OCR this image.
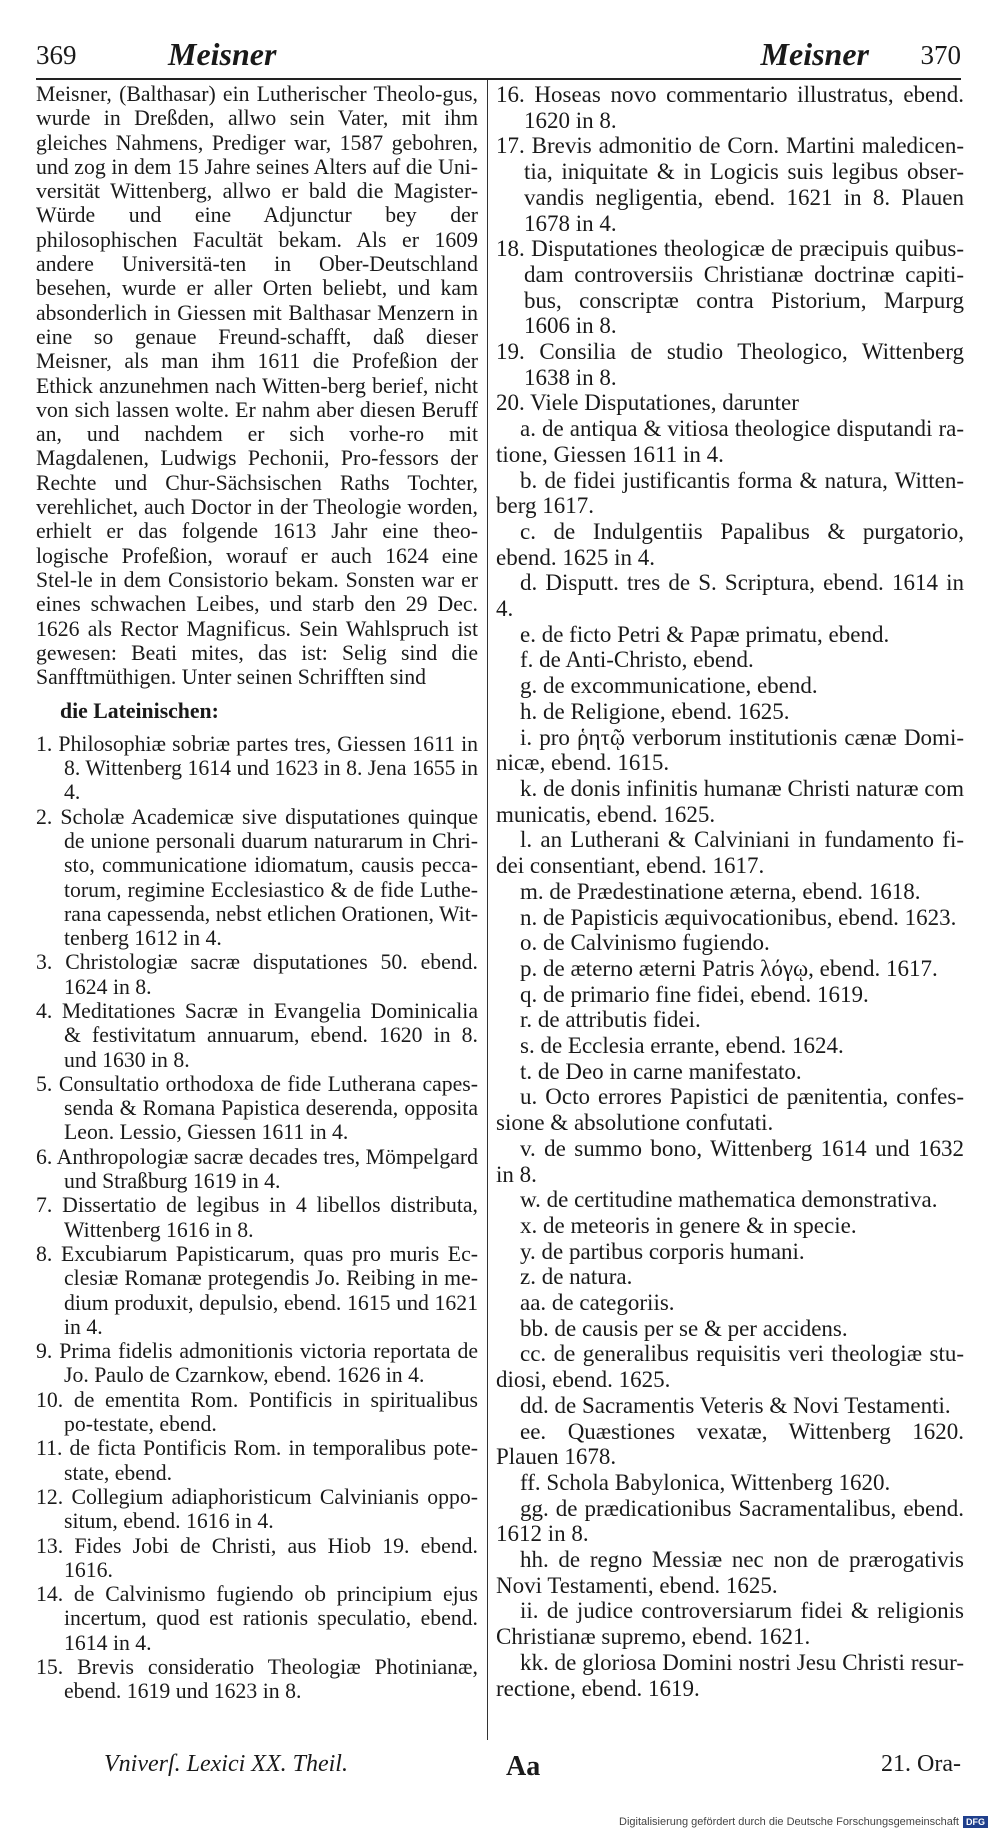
369	Meisner	Meisner 370

Meisner, (Balthasar) ein Lutherischer Theolo-gus, wurde in Dreßden, allwo sein Vater, mit ihm gleiches Nahmens, Prediger war, 1587 gebohren, und zog in dem 15 Jahre seines Alters auf die Uni-versität Wittenberg, allwo er bald die Magister-Würde und eine Adjunctur bey der philosophischen Facultät bekam. Als er 1609 andere Universitä-ten in Ober-Deutschland besehen, wurde er aller Orten beliebt, und kam absonderlich in Giessen mit Balthasar Menzern in eine so genaue Freund-schafft, daß dieser Meisner, als man ihm 1611 die Profeßion der Ethick anzunehmen nach Witten-berg berief, nicht von sich lassen wolte. Er nahm aber diesen Beruff an, und nachdem er sich vorhe-ro mit Magdalenen, Ludwigs Pechonii, Pro-fessors der Rechte und Chur-Sächsischen Raths Tochter, verehlichet, auch Doctor in der Theologie worden, erhielt er das folgende 1613 Jahr eine theo-logische Profeßion, worauf er auch 1624 eine Stel-le in dem Consistorio bekam. Sonsten war er eines schwachen Leibes, und starb den 29 Dec. 1626 als Rector Magnificus. Sein Wahlspruch ist gewesen: Beati mites, das ist: Selig sind die Sanfftmüthigen. Unter seinen Schrifften sind

die Lateinischen:

1. Philosophiæ sobriæ partes tres, Giessen 1611 in 8. Wittenberg 1614 und 1623 in 8. Jena 1655 in 4.

2. Scholæ Academicæ sive disputationes quinque de unione personali duarum naturarum in Chri-sto, communicatione idiomatum, causis pecca-torum, regimine Ecclesiastico & de fide Luthe-rana capessenda, nebst etlichen Orationen, Wit-tenberg 1612 in 4.

3. Christologiæ sacræ disputationes 50. ebend. 1624 in 8.

4. Meditationes Sacræ in Evangelia Dominicalia & festivitatum annuarum, ebend. 1620 in 8. und 1630 in 8.

5. Consultatio orthodoxa de fide Lutherana capes-senda & Romana Papistica deserenda, opposita Leon. Lessio, Giessen 1611 in 4.

6. Anthropologiæ sacræ decades tres, Mömpelgard und Straßburg 1619 in 4.

7. Dissertatio de legibus in 4 libellos distributa, Wittenberg 1616 in 8.

8. Excubiarum Papisticarum, quas pro muris Ec-clesiæ Romanæ protegendis Jo. Reibing in me-dium produxit, depulsio, ebend. 1615 und 1621 in 4.

9. Prima fidelis admonitionis victoria reportata de Jo. Paulo de Czarnkow, ebend. 1626 in 4.

10. de ementita Rom. Pontificis in spiritualibus po-testate, ebend.

11. de ficta Pontificis Rom. in temporalibus pote-state, ebend.

12. Collegium adiaphoristicum Calvinianis oppo-situm, ebend. 1616 in 4.

13. Fides Jobi de Christi, aus Hiob 19. ebend. 1616.

14. de Calvinismo fugiendo ob principium ejus incertum, quod est rationis speculatio, ebend. 1614 in 4.

15. Brevis consideratio Theologiæ Photinianæ, ebend. 1619 und 1623 in 8.

16. Hoseas novo commentario illustratus, ebend. 1620 in 8.

17. Brevis admonitio de Corn. Martini maledicen-tia, iniquitate & in Logicis suis legibus obser-vandis negligentia, ebend. 1621 in 8. Plauen 1678 in 4.

18. Disputationes theologicæ de præcipuis quibus-dam controversiis Christianæ doctrinæ capiti-bus, conscriptæ contra Pistorium, Marpurg 1606 in 8.

19. Consilia de studio Theologico, Wittenberg 1638 in 8.

20. Viele Disputationes, darunter

a. de antiqua & vitiosa theologice disputandi ra-tione, Giessen 1611 in 4.

b. de fidei justificantis forma & natura, Witten-berg 1617.

c. de Indulgentiis Papalibus & purgatorio, ebend. 1625 in 4.

d. Disputt. tres de S. Scriptura, ebend. 1614 in 4.

e. de ficto Petri & Papæ primatu, ebend.

f. de Anti-Christo, ebend.

g. de excommunicatione, ebend.

h. de Religione, ebend. 1625.

i. pro ῥητῷ verborum institutionis cænæ Domi-nicæ, ebend. 1615.

k. de donis infinitis humanæ Christi naturæ com municatis, ebend. 1625.

l. an Lutherani & Calviniani in fundamento fi-dei consentiant, ebend. 1617.

m. de Prædestinatione æterna, ebend. 1618.

n. de Papisticis æquivocationibus, ebend. 1623.

o. de Calvinismo fugiendo.

p. de æterno æterni Patris λόγῳ, ebend. 1617.

q. de primario fine fidei, ebend. 1619.

r. de attributis fidei.

s. de Ecclesia errante, ebend. 1624.

t. de Deo in carne manifestato.

u. Octo errores Papistici de pænitentia, confes-sione & absolutione confutati.

v. de summo bono, Wittenberg 1614 und 1632 in 8.

w. de certitudine mathematica demonstrativa.

x. de meteoris in genere & in specie.

y. de partibus corporis humani.

z. de natura.

aa. de categoriis.

bb. de causis per se & per accidens.

cc. de generalibus requisitis veri theologiæ stu-diosi, ebend. 1625.

dd. de Sacramentis Veteris & Novi Testamenti.

ee. Quæstiones vexatæ, Wittenberg 1620. Plauen 1678.

ff. Schola Babylonica, Wittenberg 1620.

gg. de prædicationibus Sacramentalibus, ebend. 1612 in 8.

hh. de regno Messiæ nec non de prærogativis Novi Testamenti, ebend. 1625.

ii. de judice controversiarum fidei & religionis Christianæ supremo, ebend. 1621.

kk. de gloriosa Domini nostri Jesu Christi resur-rectione, ebend. 1619.

Vniverſ. Lexici XX. Theil.	Aa	21. Ora-
Digitalisierung gefördert durch die Deutsche Forschungsgemeinschaft DFG
